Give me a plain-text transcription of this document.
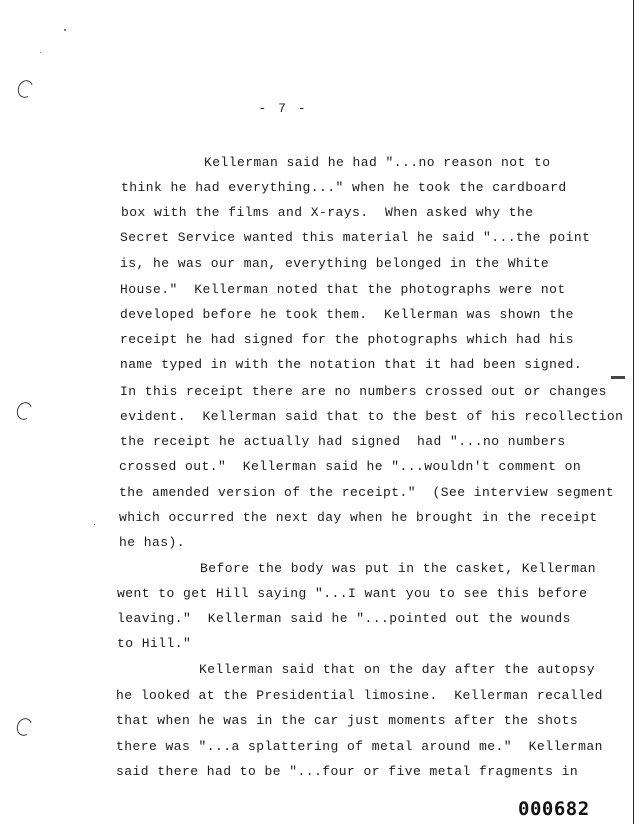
- 7 -
Kellerman said he had "...no reason not to
think he had everything..." when he took the cardboard
box with the films and X-rays.  When asked why the
Secret Service wanted this material he said "...the point
is, he was our man, everything belonged in the White
House."  Kellerman noted that the photographs were not
developed before he took them.  Kellerman was shown the
receipt he had signed for the photographs which had his
name typed in with the notation that it had been signed.
In this receipt there are no numbers crossed out or changes
evident.  Kellerman said that to the best of his recollection
the receipt he actually had signed  had "...no numbers
crossed out."  Kellerman said he "...wouldn't comment on
the amended version of the receipt."  (See interview segment
which occurred the next day when he brought in the receipt
he has).
Before the body was put in the casket, Kellerman
went to get Hill saying "...I want you to see this before
leaving."  Kellerman said he "...pointed out the wounds
to Hill."
Kellerman said that on the day after the autopsy
he looked at the Presidential limosine.  Kellerman recalled
that when he was in the car just moments after the shots
there was "...a splattering of metal around me."  Kellerman
said there had to be "...four or five metal fragments in
000682
